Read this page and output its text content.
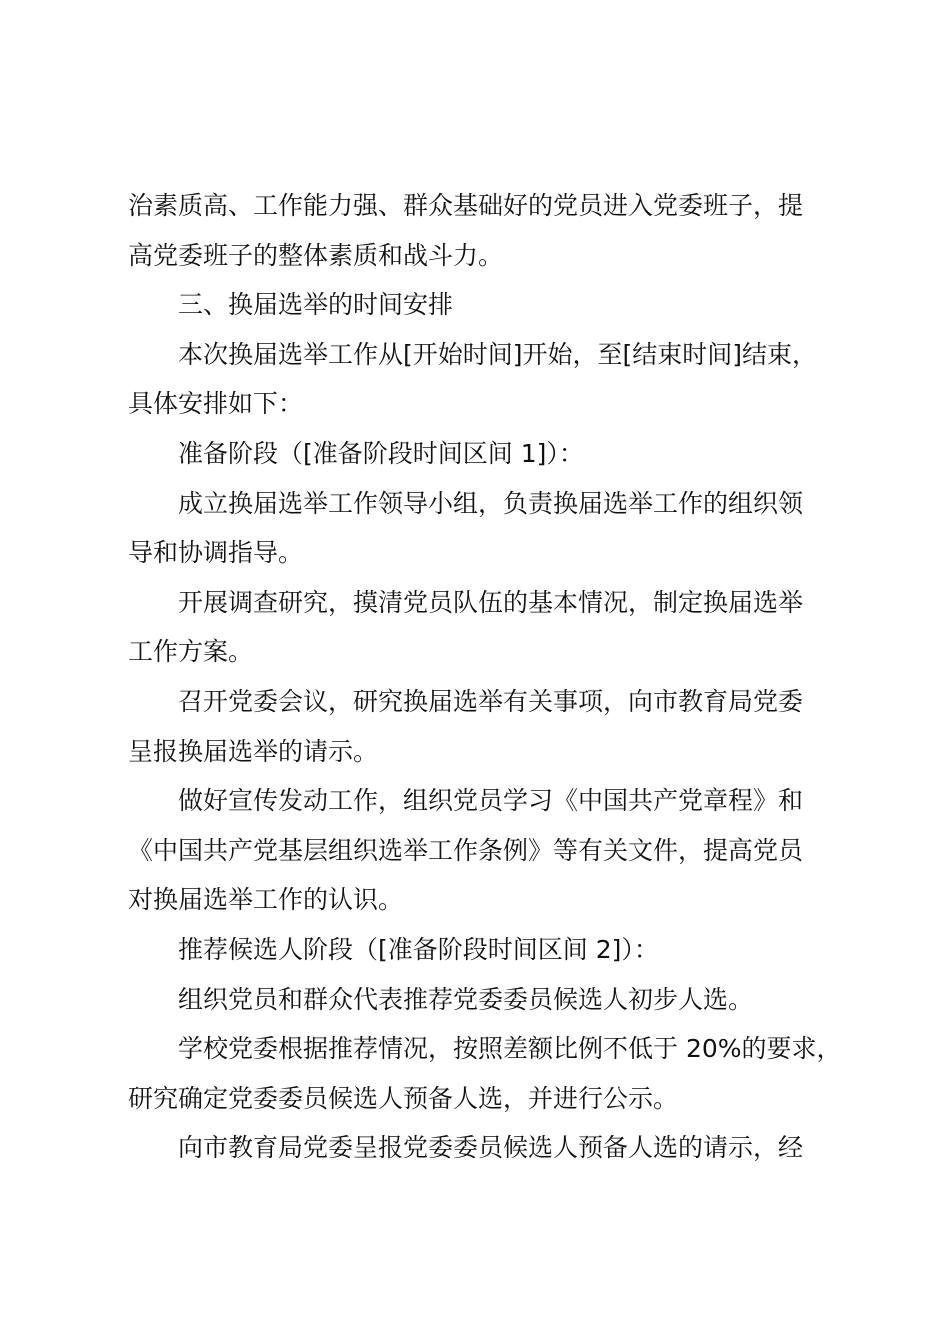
治素质高、工作能力强、群众基础好的党员进入党委班子，提
高党委班子的整体素质和战斗力。
三、换届选举的时间安排
本次换届选举工作从[开始时间]开始，至[结束时间]结束，
具体安排如下：
准备阶段（[准备阶段时间区间 1]）：
成立换届选举工作领导小组，负责换届选举工作的组织领
导和协调指导。
开展调查研究，摸清党员队伍的基本情况，制定换届选举
工作方案。
召开党委会议，研究换届选举有关事项，向市教育局党委
呈报换届选举的请示。
做好宣传发动工作，组织党员学习《中国共产党章程》和
《中国共产党基层组织选举工作条例》等有关文件，提高党员
对换届选举工作的认识。
推荐候选人阶段（[准备阶段时间区间 2]）：
组织党员和群众代表推荐党委委员候选人初步人选。
学校党委根据推荐情况，按照差额比例不低于 20%的要求，
研究确定党委委员候选人预备人选，并进行公示。
向市教育局党委呈报党委委员候选人预备人选的请示，经
